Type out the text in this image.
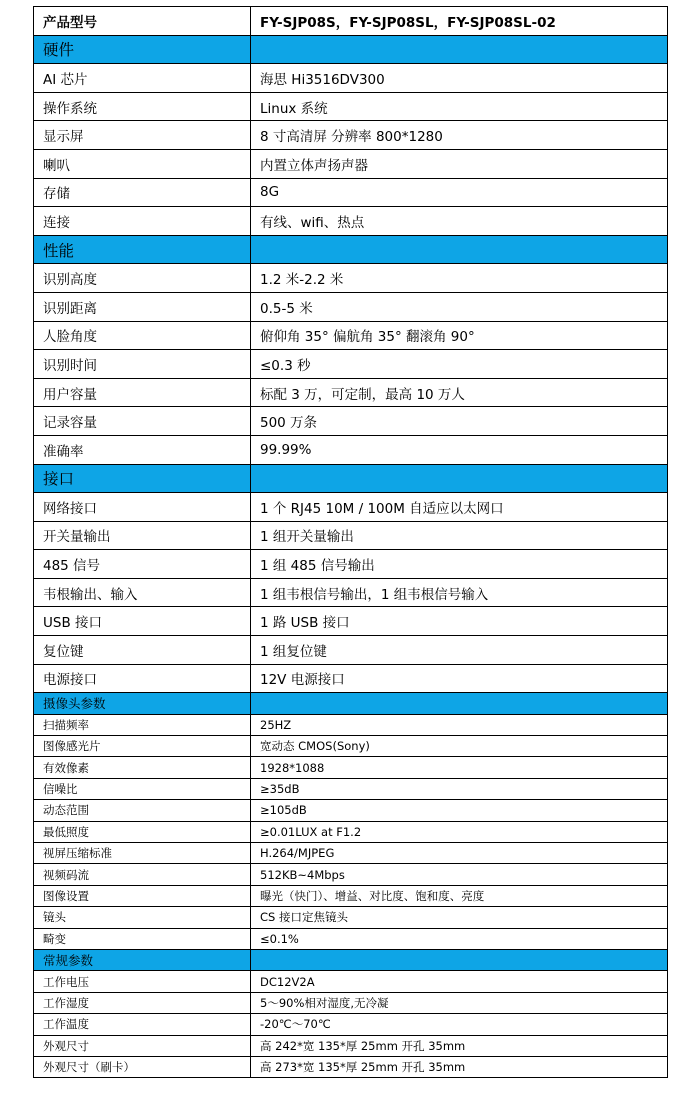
产品型号	FY-SJP08S，FY-SJP08SL，FY-SJP08SL-02
硬件	
AI 芯片	海思 Hi3516DV300
操作系统	Linux 系统
显示屏	8 寸高清屏 分辨率 800*1280
喇叭	内置立体声扬声器
存储	8G
连接	有线、wifi、热点
性能	
识别高度	1.2 米-2.2 米
识别距离	0.5-5 米
人脸角度	俯仰角 35° 偏航角 35° 翻滚角 90°
识别时间	≤0.3 秒
用户容量	标配 3 万，可定制，最高 10 万人
记录容量	500 万条
准确率	99.99%
接口	
网络接口	1 个 RJ45 10M / 100M 自适应以太网口
开关量输出	1 组开关量输出
485 信号	1 组 485 信号输出
韦根输出、输入	1 组韦根信号输出，1 组韦根信号输入
USB 接口	1 路 USB 接口
复位键	1 组复位键
电源接口	12V 电源接口
摄像头参数	
扫描频率	25HZ
图像感光片	宽动态 CMOS(Sony)
有效像素	1928*1088
信噪比	≥35dB
动态范围	≥105dB
最低照度	≥0.01LUX at F1.2
视屏压缩标准	H.264/MJPEG
视频码流	512KB~4Mbps
图像设置	曝光（快门）、增益、对比度、饱和度、亮度
镜头	CS 接口定焦镜头
畸变	≤0.1%
常规参数	
工作电压	DC12V2A
工作湿度	5～90%相对湿度,无冷凝
工作温度	-20℃～70℃
外观尺寸	高 242*宽 135*厚 25mm 开孔 35mm
外观尺寸（刷卡）	高 273*宽 135*厚 25mm 开孔 35mm
